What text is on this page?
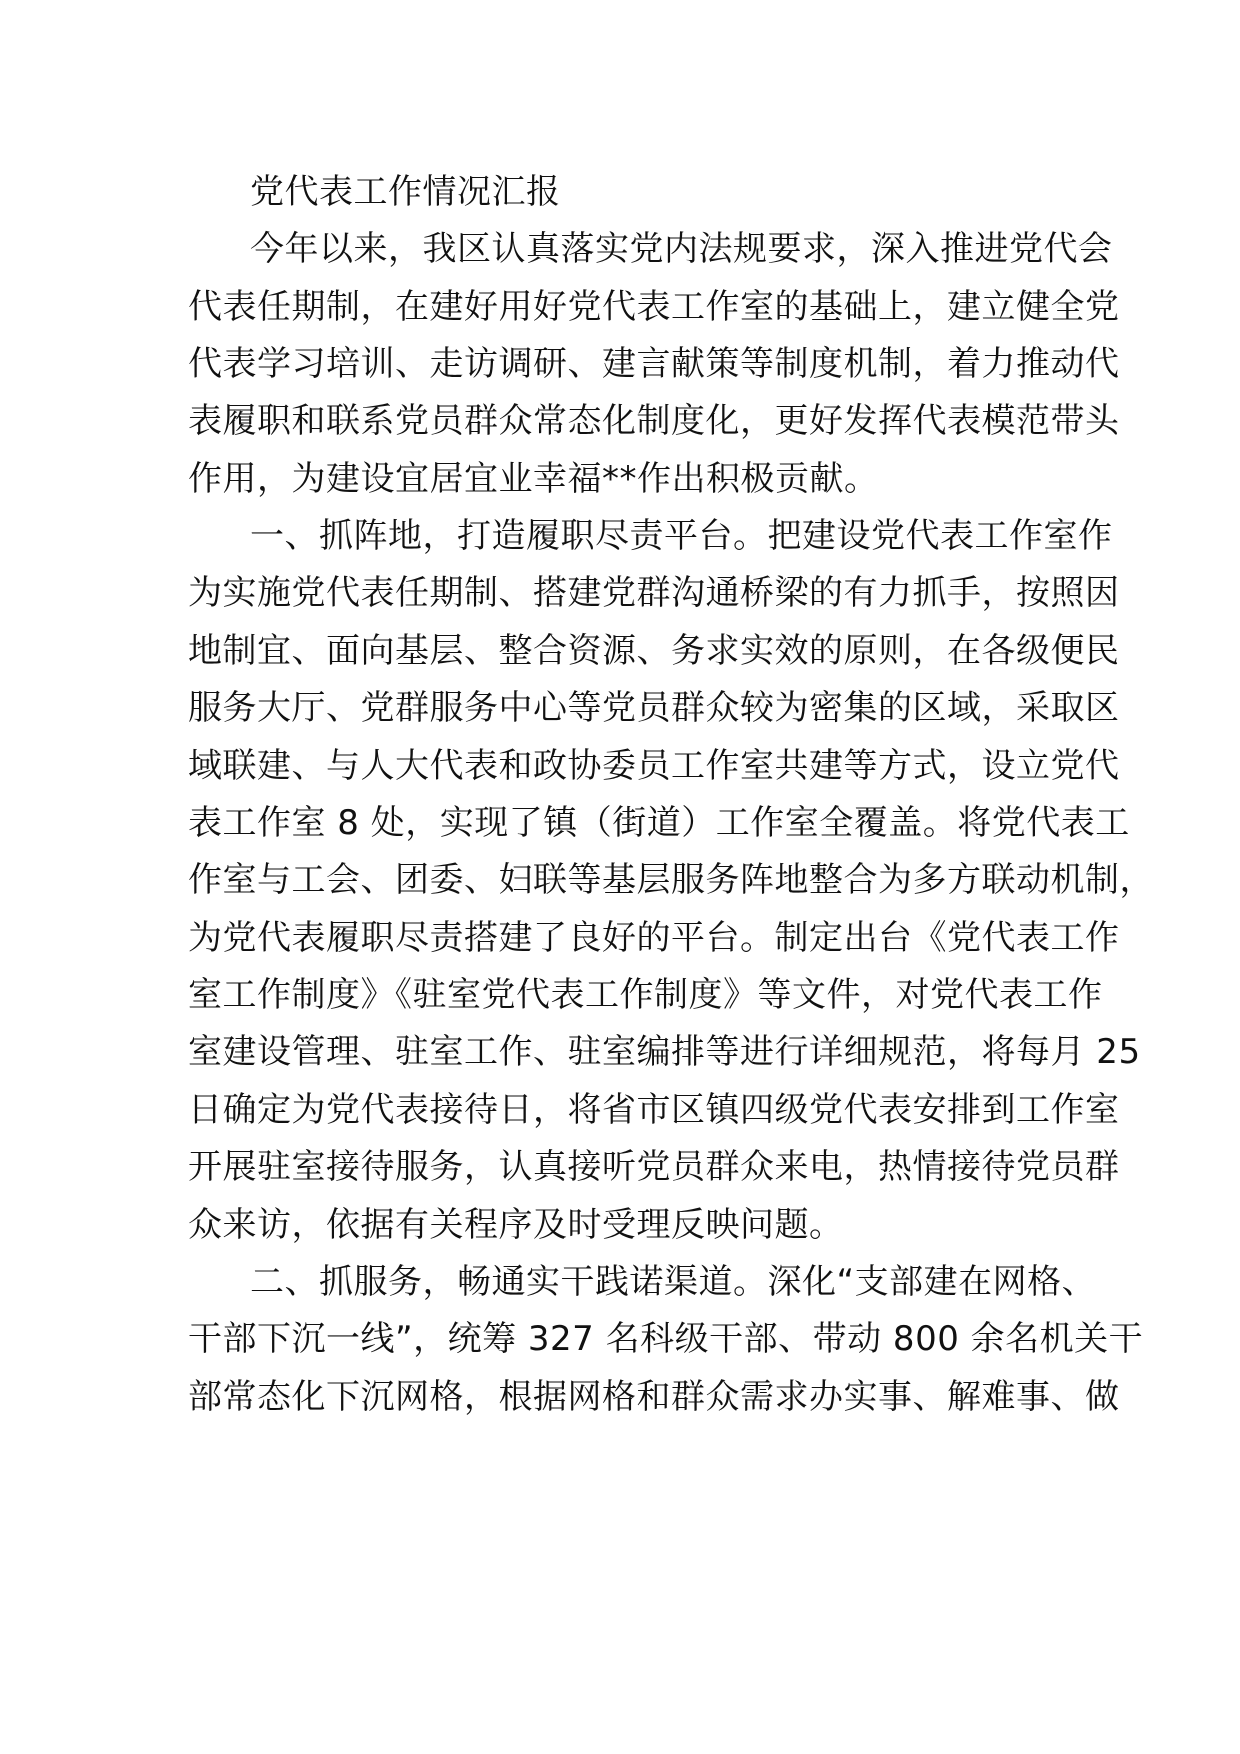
党代表工作情况汇报
今年以来，我区认真落实党内法规要求，深入推进党代会
代表任期制，在建好用好党代表工作室的基础上，建立健全党
代表学习培训、走访调研、建言献策等制度机制，着力推动代
表履职和联系党员群众常态化制度化，更好发挥代表模范带头
作用，为建设宜居宜业幸福**作出积极贡献。
一、抓阵地，打造履职尽责平台。把建设党代表工作室作
为实施党代表任期制、搭建党群沟通桥梁的有力抓手，按照因
地制宜、面向基层、整合资源、务求实效的原则，在各级便民
服务大厅、党群服务中心等党员群众较为密集的区域，采取区
域联建、与人大代表和政协委员工作室共建等方式，设立党代
表工作室 8 处，实现了镇（街道）工作室全覆盖。将党代表工
作室与工会、团委、妇联等基层服务阵地整合为多方联动机制，
为党代表履职尽责搭建了良好的平台。制定出台《党代表工作
室工作制度》《驻室党代表工作制度》等文件，对党代表工作
室建设管理、驻室工作、驻室编排等进行详细规范，将每月 25
日确定为党代表接待日，将省市区镇四级党代表安排到工作室
开展驻室接待服务，认真接听党员群众来电，热情接待党员群
众来访，依据有关程序及时受理反映问题。
二、抓服务，畅通实干践诺渠道。深化“支部建在网格、
干部下沉一线”，统筹 327 名科级干部、带动 800 余名机关干
部常态化下沉网格，根据网格和群众需求办实事、解难事、做
